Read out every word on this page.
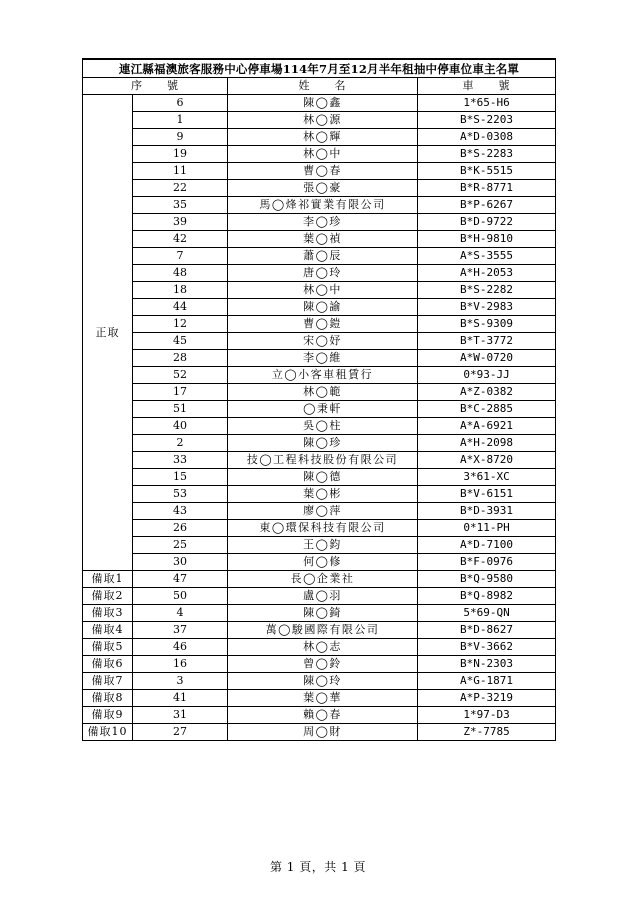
連江縣福澳旅客服務中心停車場114年7月至12月半年租抽中停車位車主名單			
序　　號		姓　　名	車　　號
正取	6	陳◯鑫	1*65-H6
	1	林◯源	B*S-2203
	9	林◯輝	A*D-0308
	19	林◯中	B*S-2283
	11	曹◯春	B*K-5515
	22	張◯豪	B*R-8771
	35	馬◯烽祁實業有限公司	B*P-6267
	39	李◯珍	B*D-9722
	42	葉◯禎	B*H-9810
	7	蕭◯辰	A*S-3555
	48	唐◯玲	A*H-2053
	18	林◯中	B*S-2282
	44	陳◯諭	B*V-2983
	12	曹◯鎧	B*S-9309
	45	宋◯妤	B*T-3772
	28	李◯維	A*W-0720
	52	立◯小客車租賃行	0*93-JJ
	17	林◯範	A*Z-0382
	51	◯秉軒	B*C-2885
	40	吳◯柱	A*A-6921
	2	陳◯珍	A*H-2098
	33	技◯工程科技股份有限公司	A*X-8720
	15	陳◯德	3*61-XC
	53	葉◯彬	B*V-6151
	43	廖◯萍	B*D-3931
	26	東◯環保科技有限公司	0*11-PH
	25	王◯鈞	A*D-7100
	30	何◯修	B*F-0976
備取1	47	長◯企業社	B*Q-9580
備取2	50	盧◯羽	B*Q-8982
備取3	4	陳◯錡	5*69-QN
備取4	37	萬◯駿國際有限公司	B*D-8627
備取5	46	林◯志	B*V-3662
備取6	16	曾◯鈴	B*N-2303
備取7	3	陳◯玲	A*G-1871
備取8	41	葉◯華	A*P-3219
備取9	31	賴◯春	1*97-D3
備取10	27	周◯財	Z*-7785
第 1 頁，共 1 頁
